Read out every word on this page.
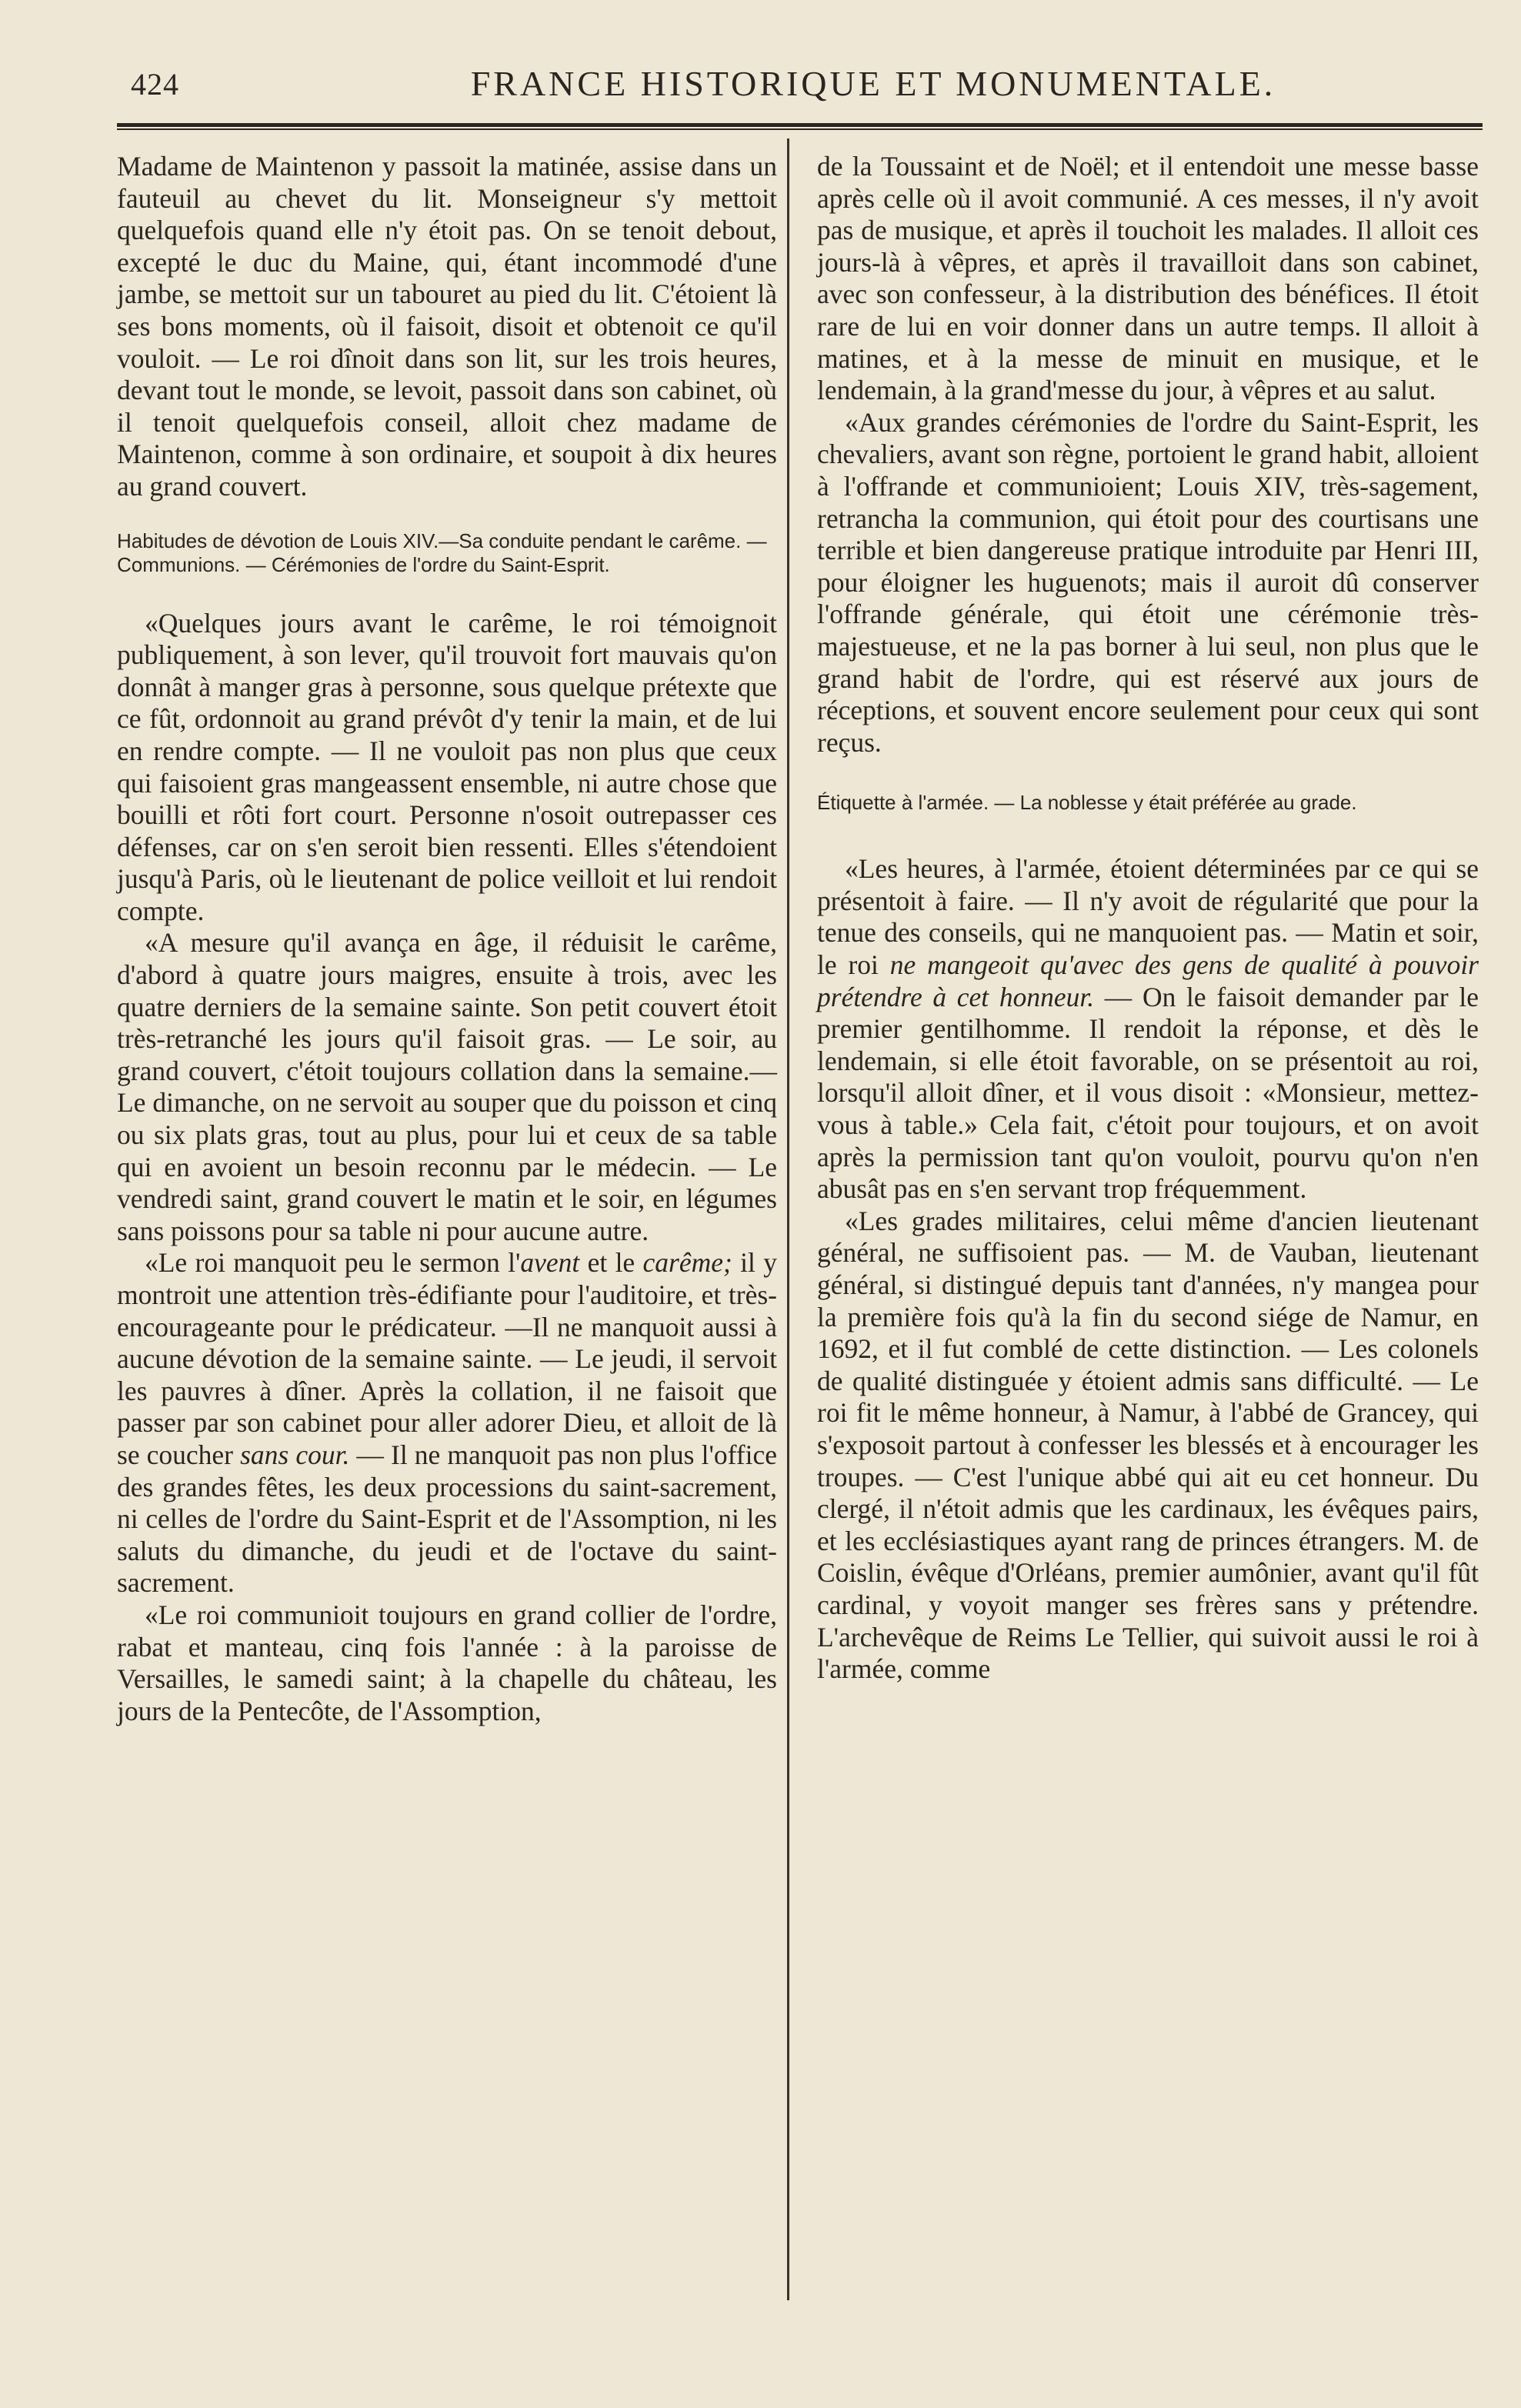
424	FRANCE HISTORIQUE ET MONUMENTALE.

Madame de Maintenon y passoit la matinée, assise dans un fauteuil au chevet du lit. Monseigneur s'y mettoit quelquefois quand elle n'y étoit pas. On se tenoit debout, excepté le duc du Maine, qui, étant incommodé d'une jambe, se mettoit sur un tabouret au pied du lit. C'étoient là ses bons moments, où il faisoit, disoit et obtenoit ce qu'il vouloit. — Le roi dînoit dans son lit, sur les trois heures, devant tout le monde, se levoit, passoit dans son cabinet, où il tenoit quelquefois conseil, alloit chez madame de Maintenon, comme à son ordinaire, et soupoit à dix heures au grand couvert.

Habitudes de dévotion de Louis XIV.—Sa conduite pendant le carême. — Communions. — Cérémonies de l'ordre du Saint-Esprit.

«Quelques jours avant le carême, le roi témoignoit publiquement, à son lever, qu'il trouvoit fort mauvais qu'on donnât à manger gras à personne, sous quelque prétexte que ce fût, ordonnoit au grand prévôt d'y tenir la main, et de lui en rendre compte. — Il ne vouloit pas non plus que ceux qui faisoient gras mangeassent ensemble, ni autre chose que bouilli et rôti fort court. Personne n'osoit outrepasser ces défenses, car on s'en seroit bien ressenti. Elles s'étendoient jusqu'à Paris, où le lieutenant de police veilloit et lui rendoit compte.

«A mesure qu'il avança en âge, il réduisit le carême, d'abord à quatre jours maigres, ensuite à trois, avec les quatre derniers de la semaine sainte. Son petit couvert étoit très-retranché les jours qu'il faisoit gras. — Le soir, au grand couvert, c'étoit toujours collation dans la semaine.— Le dimanche, on ne servoit au souper que du poisson et cinq ou six plats gras, tout au plus, pour lui et ceux de sa table qui en avoient un besoin reconnu par le médecin. — Le vendredi saint, grand couvert le matin et le soir, en légumes sans poissons pour sa table ni pour aucune autre.

«Le roi manquoit peu le sermon l'avent et le carême; il y montroit une attention très-édifiante pour l'auditoire, et très-encourageante pour le prédicateur. —Il ne manquoit aussi à aucune dévotion de la semaine sainte. — Le jeudi, il servoit les pauvres à dîner. Après la collation, il ne faisoit que passer par son cabinet pour aller adorer Dieu, et alloit de là se coucher sans cour. — Il ne manquoit pas non plus l'office des grandes fêtes, les deux processions du saint-sacrement, ni celles de l'ordre du Saint-Esprit et de l'Assomption, ni les saluts du dimanche, du jeudi et de l'octave du saint-sacrement.

«Le roi communioit toujours en grand collier de l'ordre, rabat et manteau, cinq fois l'année : à la paroisse de Versailles, le samedi saint; à la chapelle du château, les jours de la Pentecôte, de l'Assomption,

de la Toussaint et de Noël; et il entendoit une messe basse après celle où il avoit communié. A ces messes, il n'y avoit pas de musique, et après il touchoit les malades. Il alloit ces jours-là à vêpres, et après il travailloit dans son cabinet, avec son confesseur, à la distribution des bénéfices. Il étoit rare de lui en voir donner dans un autre temps. Il alloit à matines, et à la messe de minuit en musique, et le lendemain, à la grand'messe du jour, à vêpres et au salut.

«Aux grandes cérémonies de l'ordre du Saint-Esprit, les chevaliers, avant son règne, portoient le grand habit, alloient à l'offrande et communioient; Louis XIV, très-sagement, retrancha la communion, qui étoit pour des courtisans une terrible et bien dangereuse pratique introduite par Henri III, pour éloigner les huguenots; mais il auroit dû conserver l'offrande générale, qui étoit une cérémonie très-majestueuse, et ne la pas borner à lui seul, non plus que le grand habit de l'ordre, qui est réservé aux jours de réceptions, et souvent encore seulement pour ceux qui sont reçus.

Étiquette à l'armée. — La noblesse y était préférée au grade.

«Les heures, à l'armée, étoient déterminées par ce qui se présentoit à faire. — Il n'y avoit de régularité que pour la tenue des conseils, qui ne manquoient pas. — Matin et soir, le roi ne mangeoit qu'avec des gens de qualité à pouvoir prétendre à cet honneur. — On le faisoit demander par le premier gentilhomme. Il rendoit la réponse, et dès le lendemain, si elle étoit favorable, on se présentoit au roi, lorsqu'il alloit dîner, et il vous disoit : «Monsieur, mettez-vous à table.» Cela fait, c'étoit pour toujours, et on avoit après la permission tant qu'on vouloit, pourvu qu'on n'en abusât pas en s'en servant trop fréquemment.

«Les grades militaires, celui même d'ancien lieutenant général, ne suffisoient pas. — M. de Vauban, lieutenant général, si distingué depuis tant d'années, n'y mangea pour la première fois qu'à la fin du second siége de Namur, en 1692, et il fut comblé de cette distinction. — Les colonels de qualité distinguée y étoient admis sans difficulté. — Le roi fit le même honneur, à Namur, à l'abbé de Grancey, qui s'exposoit partout à confesser les blessés et à encourager les troupes. — C'est l'unique abbé qui ait eu cet honneur. Du clergé, il n'étoit admis que les cardinaux, les évêques pairs, et les ecclésiastiques ayant rang de princes étrangers. M. de Coislin, évêque d'Orléans, premier aumônier, avant qu'il fût cardinal, y voyoit manger ses frères sans y prétendre. L'archevêque de Reims Le Tellier, qui suivoit aussi le roi à l'armée, comme
